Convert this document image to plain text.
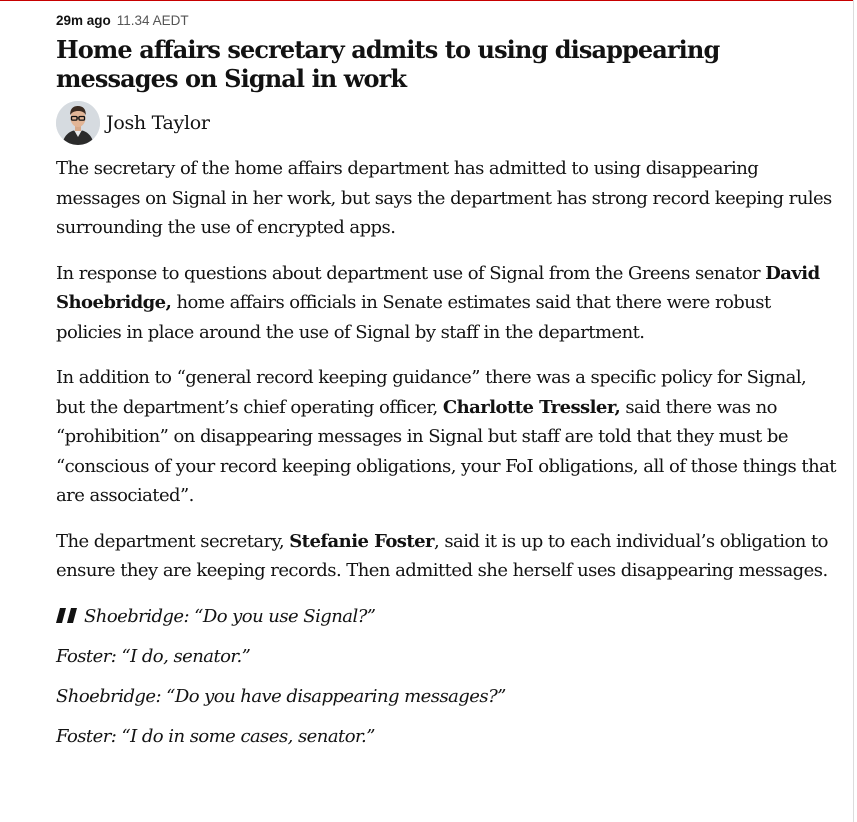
29m ago 11.34 AEDT
Home affairs secretary admits to using disappearing messages on Signal in work
Josh Taylor

The secretary of the home affairs department has admitted to using disappearing messages on Signal in her work, but says the department has strong record keeping rules surrounding the use of encrypted apps.

In response to questions about department use of Signal from the Greens senator David Shoebridge, home affairs officials in Senate estimates said that there were robust policies in place around the use of Signal by staff in the department.

In addition to “general record keeping guidance” there was a specific policy for Signal, but the department’s chief operating officer, Charlotte Tressler, said there was no “prohibition” on disappearing messages in Signal but staff are told that they must be “conscious of your record keeping obligations, your FoI obligations, all of those things that are associated”.

The department secretary, Stefanie Foster, said it is up to each individual’s obligation to ensure they are keeping records. Then admitted she herself uses disappearing messages.

Shoebridge: “Do you use Signal?”

Foster: “I do, senator.”

Shoebridge: “Do you have disappearing messages?”

Foster: “I do in some cases, senator.”
